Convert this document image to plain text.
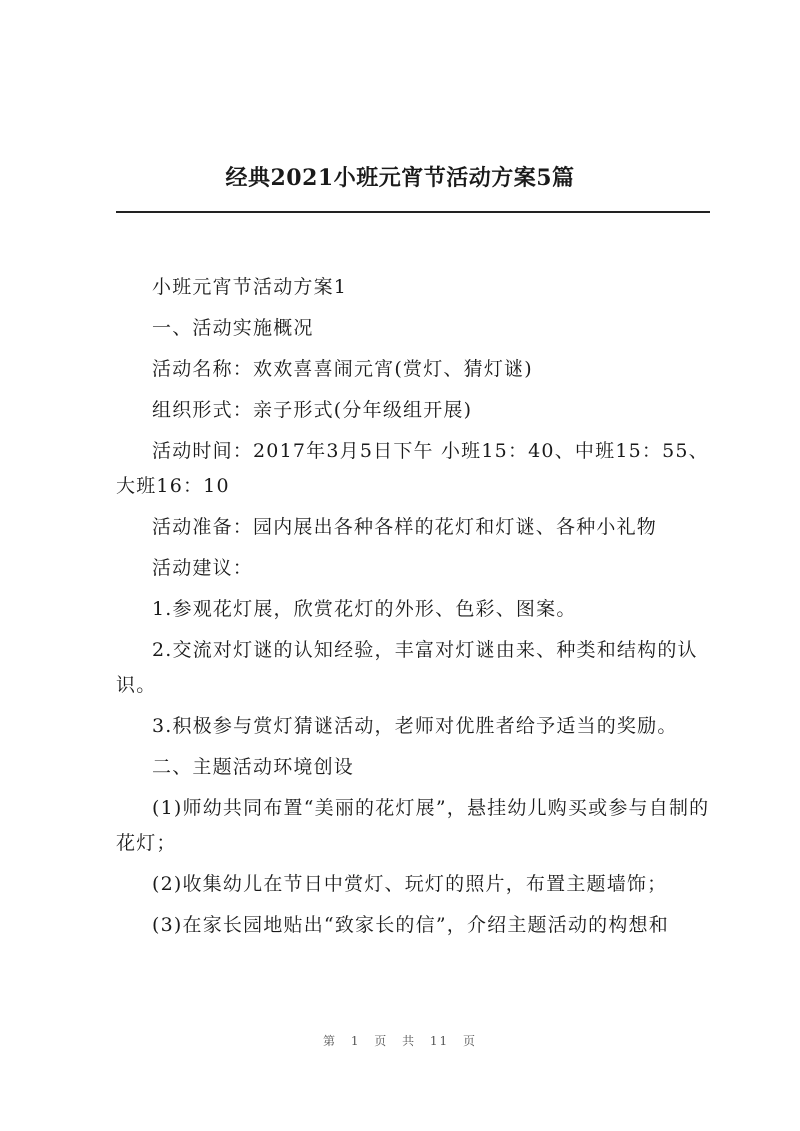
经典2021小班元宵节活动方案5篇

小班元宵节活动方案1

一、活动实施概况

活动名称：欢欢喜喜闹元宵(赏灯、猜灯谜)

组织形式：亲子形式(分年级组开展)

活动时间：2017年3月5日下午 小班15：40、中班15：55、大班16：10

活动准备：园内展出各种各样的花灯和灯谜、各种小礼物

活动建议：

1.参观花灯展，欣赏花灯的外形、色彩、图案。

2.交流对灯谜的认知经验，丰富对灯谜由来、种类和结构的认识。

3.积极参与赏灯猜谜活动，老师对优胜者给予适当的奖励。

二、主题活动环境创设

(1)师幼共同布置“美丽的花灯展”，悬挂幼儿购买或参与自制的花灯；

(2)收集幼儿在节日中赏灯、玩灯的照片，布置主题墙饰；

(3)在家长园地贴出“致家长的信”，介绍主题活动的构想和

第 1 页 共 11 页
